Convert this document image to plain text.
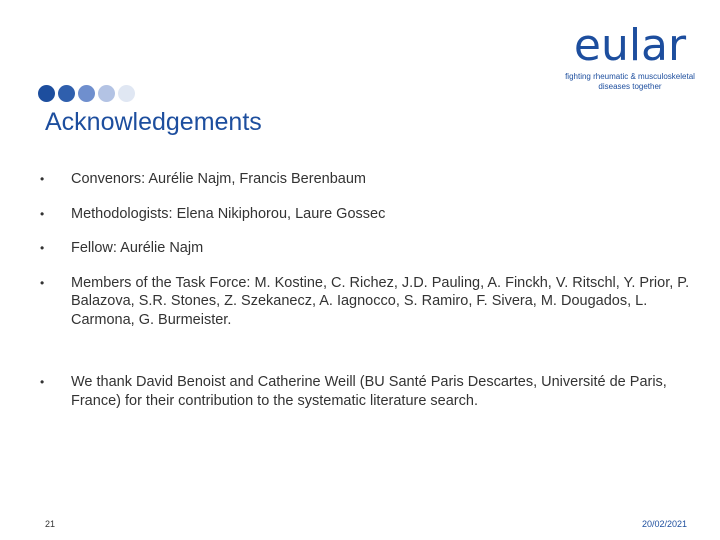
eular
fighting rheumatic & musculoskeletal
diseases together
Acknowledgements
•	Convenors: Aurélie Najm, Francis Berenbaum
•	Methodologists: Elena Nikiphorou, Laure Gossec
•	Fellow: Aurélie Najm
•	Members of the Task Force: M. Kostine, C. Richez, J.D. Pauling, A. Finckh, V. Ritschl, Y. Prior, P. Balazova, S.R. Stones, Z. Szekanecz, A. Iagnocco, S. Ramiro, F. Sivera, M. Dougados, L. Carmona, G. Burmeister.
•	We thank David Benoist and Catherine Weill (BU Santé Paris Descartes, Université de Paris, France) for their contribution to the systematic literature search.
21	20/02/2021
